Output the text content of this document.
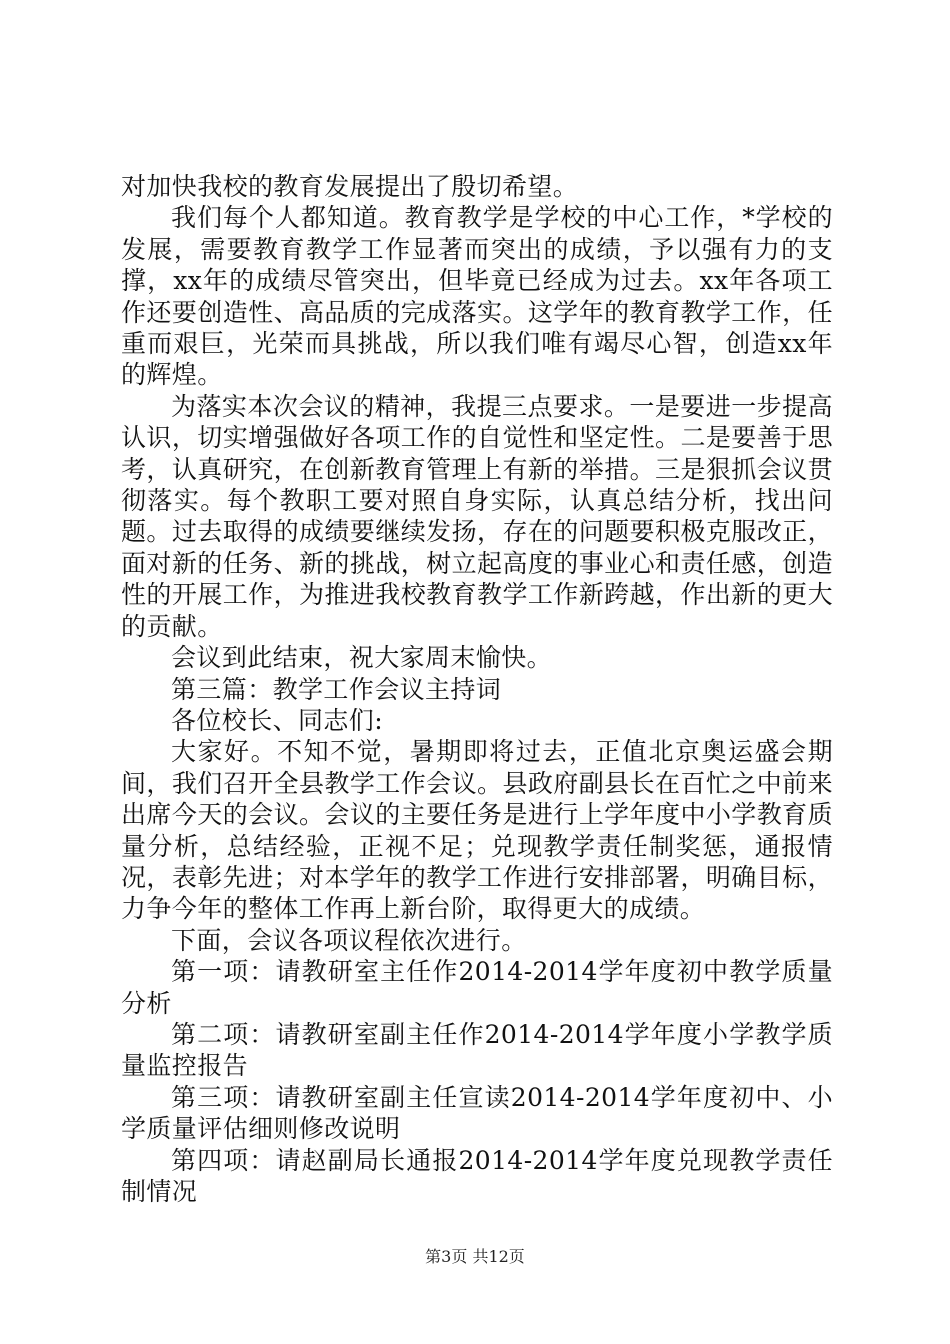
对加快我校的教育发展提出了殷切希望。

我们每个人都知道。教育教学是学校的中心工作，*学校的发展，需要教育教学工作显著而突出的成绩，予以强有力的支撑，xx年的成绩尽管突出，但毕竟已经成为过去。xx年各项工作还要创造性、高品质的完成落实。这学年的教育教学工作，任重而艰巨，光荣而具挑战，所以我们唯有竭尽心智，创造xx年的辉煌。

为落实本次会议的精神，我提三点要求。一是要进一步提高认识，切实增强做好各项工作的自觉性和坚定性。二是要善于思考，认真研究，在创新教育管理上有新的举措。三是狠抓会议贯彻落实。每个教职工要对照自身实际，认真总结分析，找出问题。过去取得的成绩要继续发扬，存在的问题要积极克服改正，面对新的任务、新的挑战，树立起高度的事业心和责任感，创造性的开展工作，为推进我校教育教学工作新跨越，作出新的更大的贡献。

会议到此结束，祝大家周末愉快。

第三篇：教学工作会议主持词

各位校长、同志们:

大家好。不知不觉，暑期即将过去，正值北京奥运盛会期间，我们召开全县教学工作会议。县政府副县长在百忙之中前来出席今天的会议。会议的主要任务是进行上学年度中小学教育质量分析，总结经验，正视不足；兑现教学责任制奖惩，通报情况，表彰先进；对本学年的教学工作进行安排部署，明确目标，力争今年的整体工作再上新台阶，取得更大的成绩。

下面，会议各项议程依次进行。

第一项：请教研室主任作2014-2014学年度初中教学质量分析

第二项：请教研室副主任作2014-2014学年度小学教学质量监控报告

第三项：请教研室副主任宣读2014-2014学年度初中、小学质量评估细则修改说明

第四项：请赵副局长通报2014-2014学年度兑现教学责任制情况

第3页 共12页
